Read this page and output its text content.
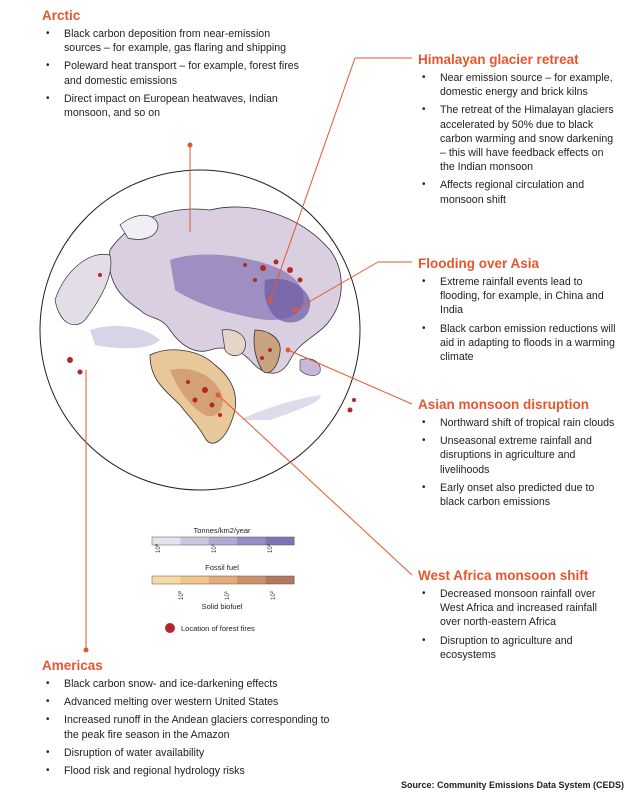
Tonnes/km2/year
$10^0$
$10^1$
$10^2$
Fossil fuel
$10^0$
$10^1$
$10^2$
Solid biofuel
Location of forest fires
Arctic
• Black carbon deposition from near-emission sources – for example, gas flaring and shipping
• Poleward heat transport – for example, forest fires and domestic emissions
• Direct impact on European heatwaves, Indian monsoon, and so on
Himalayan glacier retreat
• Near emission source – for example, domestic energy and brick kilns
• The retreat of the Himalayan glaciers accelerated by 50% due to black carbon warming and snow darkening – this will have feedback effects on the Indian monsoon
• Affects regional circulation and monsoon shift
Flooding over Asia
• Extreme rainfall events lead to flooding, for example, in China and India
• Black carbon emission reductions will aid in adapting to floods in a warming climate
Asian monsoon disruption
• Northward shift of tropical rain clouds
• Unseasonal extreme rainfall and disruptions in agriculture and livelihoods
• Early onset also predicted due to black carbon emissions
West Africa monsoon shift
• Decreased monsoon rainfall over West Africa and increased rainfall over north-eastern Africa
• Disruption to agriculture and ecosystems
Americas
• Black carbon snow- and ice-darkening effects
• Advanced melting over western United States
• Increased runoff in the Andean glaciers corresponding to the peak fire season in the Amazon
• Disruption of water availability
• Flood risk and regional hydrology risks
Source: Community Emissions Data System (CEDS)
